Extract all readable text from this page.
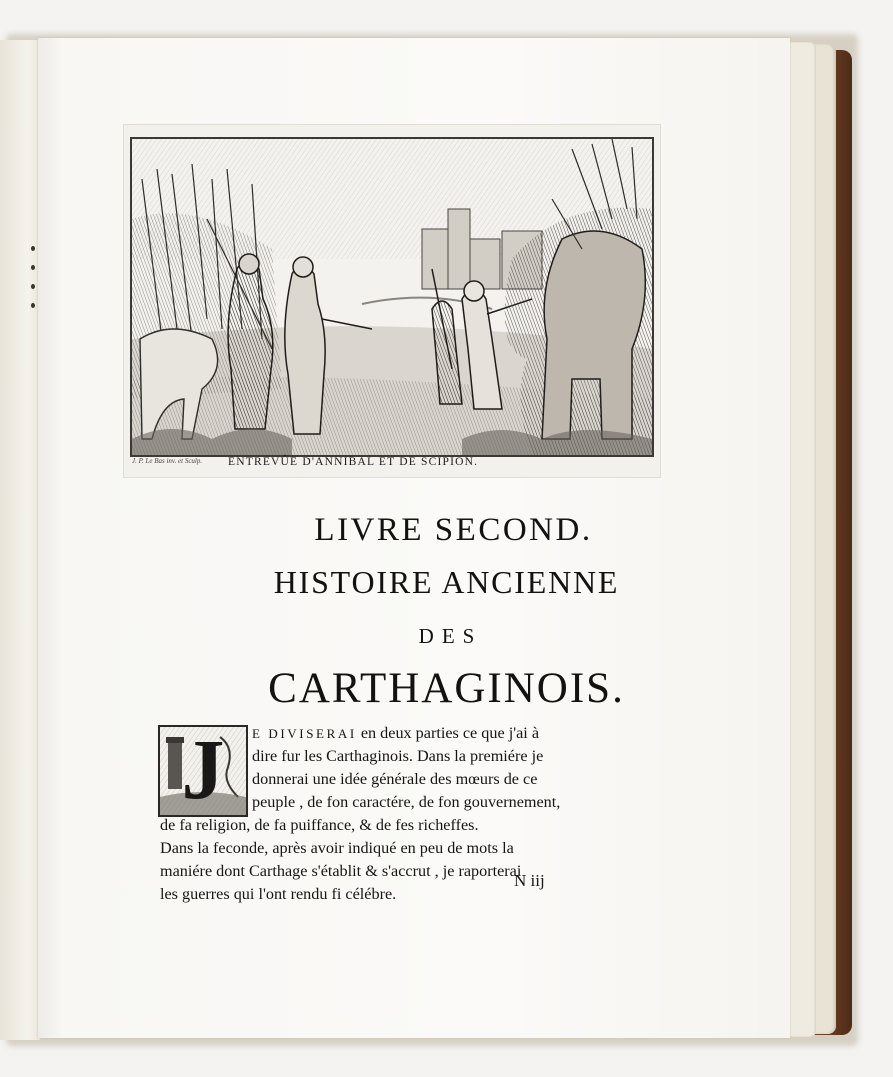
J. P. Le Bas inv. et Sculp. ENTREVÛE D'ANNIBAL ET DE SCIPION.
LIVRE SECOND.
HISTOIRE ANCIENNE
DES
CARTHAGINOIS.
J	E DIVISERAI en deux parties ce que j'ai à
dire fur les Carthaginois. Dans la premiére je
donnerai une idée générale des mœurs de ce
peuple , de fon caractére, de fon gouvernement,
de fa religion, de fa puiffance, & de fes richeffes.
Dans la feconde, après avoir indiqué en peu de mots la
maniére dont Carthage s'établit & s'accrut , je raporterai
les guerres qui l'ont rendu fi célébre.
N iij
